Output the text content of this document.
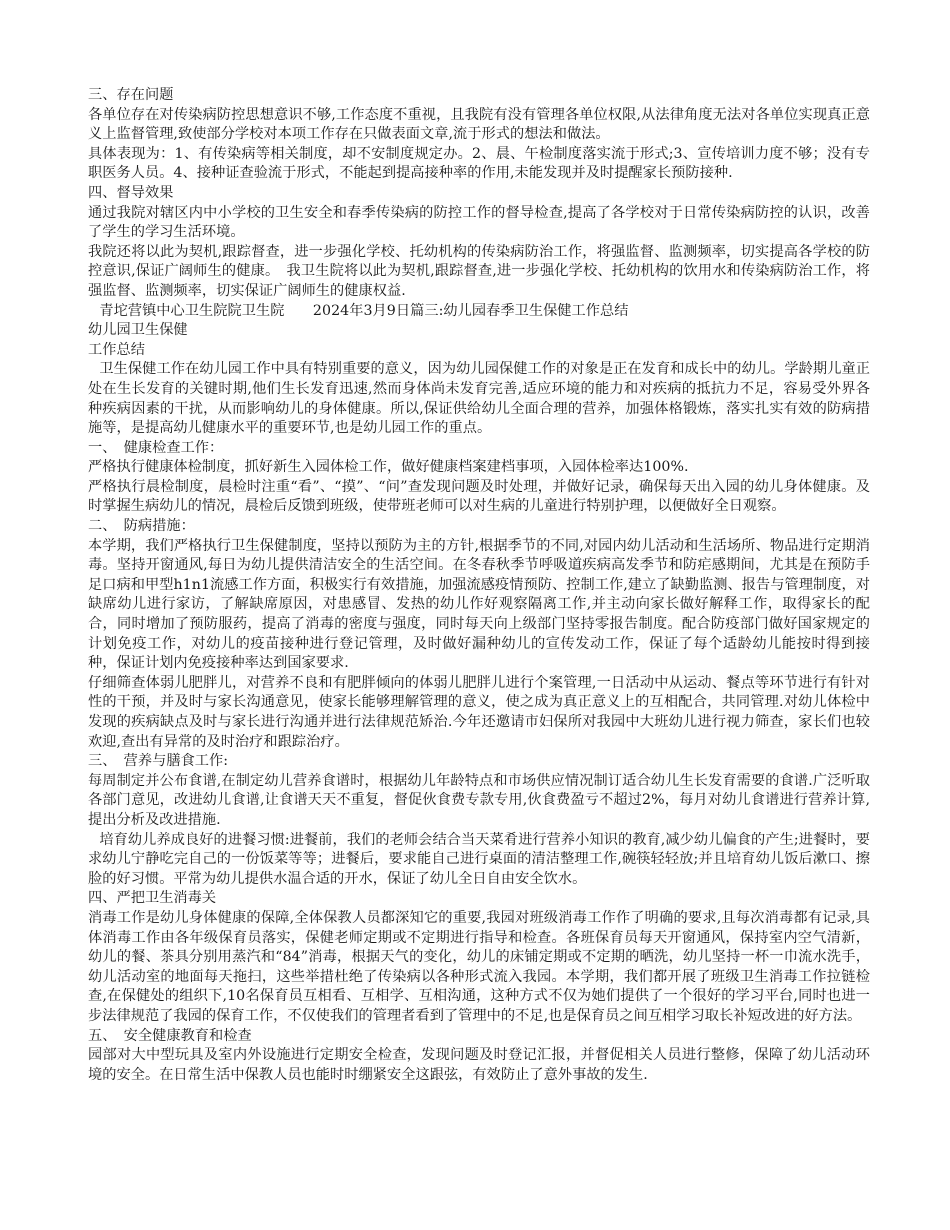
三、存在问题

各单位存在对传染病防控思想意识不够,工作态度不重视，且我院有没有管理各单位权限,从法律角度无法对各单位实现真正意义上监督管理,致使部分学校对本项工作存在只做表面文章,流于形式的想法和做法。

具体表现为：1、有传染病等相关制度，却不安制度规定办。2、晨、午检制度落实流于形式;3、宣传培训力度不够；没有专职医务人员。4、接种证查验流于形式，不能起到提高接种率的作用,未能发现并及时提醒家长预防接种.

四、督导效果

通过我院对辖区内中小学校的卫生安全和春季传染病的防控工作的督导检查,提高了各学校对于日常传染病防控的认识，改善了学生的学习生活环境。

我院还将以此为契机,跟踪督查，进一步强化学校、托幼机构的传染病防治工作，将强监督、监测频率，切实提高各学校的防控意识,保证广阔师生的健康。　我卫生院将以此为契机,跟踪督查,进一步强化学校、托幼机构的饮用水和传染病防治工作，将强监督、监测频率，切实保证广阔师生的健康权益.

青坨营镇中心卫生院院卫生院　　2024年3月9日篇三:幼儿园春季卫生保健工作总结

幼儿园卫生保健

工作总结

卫生保健工作在幼儿园工作中具有特别重要的意义，因为幼儿园保健工作的对象是正在发育和成长中的幼儿。学龄期儿童正处在生长发育的关键时期,他们生长发育迅速,然而身体尚未发育完善,适应环境的能力和对疾病的抵抗力不足，容易受外界各种疾病因素的干扰，从而影响幼儿的身体健康。所以,保证供给幼儿全面合理的营养，加强体格锻炼，落实扎实有效的防病措施等，是提高幼儿健康水平的重要环节,也是幼儿园工作的重点。

一、　健康检查工作：

严格执行健康体检制度，抓好新生入园体检工作，做好健康档案建档事项，入园体检率达100%.

严格执行晨检制度，晨检时注重“看”、“摸”、“问”查发现问题及时处理，并做好记录，确保每天出入园的幼儿身体健康。及时掌握生病幼儿的情况，晨检后反馈到班级，使带班老师可以对生病的儿童进行特别护理，以便做好全日观察。

二、　防病措施：

本学期，我们严格执行卫生保健制度，坚持以预防为主的方针,根据季节的不同,对园内幼儿活动和生活场所、物品进行定期消毒。坚持开窗通风,每日为幼儿提供清洁安全的生活空间。在冬春秋季节呼吸道疾病高发季节和防疟感期间，尤其是在预防手足口病和甲型h1n1流感工作方面，积极实行有效措施，加强流感疫情预防、控制工作,建立了缺勤监测、报告与管理制度，对缺席幼儿进行家访，了解缺席原因，对患感冒、发热的幼儿作好观察隔离工作,并主动向家长做好解释工作，取得家长的配合，同时增加了预防服药，提高了消毒的密度与强度，同时每天向上级部门坚持零报告制度。配合防疫部门做好国家规定的计划免疫工作，对幼儿的疫苗接种进行登记管理，及时做好漏种幼儿的宣传发动工作，保证了每个适龄幼儿能按时得到接种，保证计划内免疫接种率达到国家要求.

仔细筛查体弱儿肥胖儿，对营养不良和有肥胖倾向的体弱儿肥胖儿进行个案管理,一日活动中从运动、餐点等环节进行有针对性的干预，并及时与家长沟通意见，使家长能够理解管理的意义，使之成为真正意义上的互相配合，共同管理.对幼儿体检中发现的疾病缺点及时与家长进行沟通并进行法律规范矫治.今年还邀请市妇保所对我园中大班幼儿进行视力筛查，家长们也较欢迎,查出有异常的及时治疗和跟踪治疗。

三、　营养与膳食工作:

每周制定并公布食谱,在制定幼儿营养食谱时，根据幼儿年龄特点和市场供应情况制订适合幼儿生长发育需要的食谱.广泛听取各部门意见，改进幼儿食谱,让食谱天天不重复，督促伙食费专款专用,伙食费盈亏不超过2%，每月对幼儿食谱进行营养计算,提出分析及改进措施.

培育幼儿养成良好的进餐习惯:进餐前，我们的老师会结合当天菜肴进行营养小知识的教育,减少幼儿偏食的产生;进餐时，要求幼儿宁静吃完自己的一份饭菜等等；进餐后，要求能自己进行桌面的清洁整理工作,碗筷轻轻放;并且培育幼儿饭后漱口、擦脸的好习惯。平常为幼儿提供水温合适的开水，保证了幼儿全日自由安全饮水。

四、严把卫生消毒关

消毒工作是幼儿身体健康的保障,全体保教人员都深知它的重要,我园对班级消毒工作作了明确的要求,且每次消毒都有记录,具体消毒工作由各年级保育员落实，保健老师定期或不定期进行指导和检查。各班保育员每天开窗通风，保持室内空气清新，幼儿的餐、茶具分别用蒸汽和“84”消毒，根据天气的变化，幼儿的床铺定期或不定期的晒洗，幼儿坚持一杯一巾流水洗手，幼儿活动室的地面每天拖扫，这些举措杜绝了传染病以各种形式流入我园。本学期，我们都开展了班级卫生消毒工作拉链检查,在保健处的组织下,10名保育员互相看、互相学、互相沟通，这种方式不仅为她们提供了一个很好的学习平台,同时也进一步法律规范了我园的保育工作，不仅使我们的管理者看到了管理中的不足,也是保育员之间互相学习取长补短改进的好方法。

五、　安全健康教育和检查

园部对大中型玩具及室内外设施进行定期安全检查，发现问题及时登记汇报，并督促相关人员进行整修，保障了幼儿活动环境的安全。在日常生活中保教人员也能时时绷紧安全这跟弦，有效防止了意外事故的发生.
